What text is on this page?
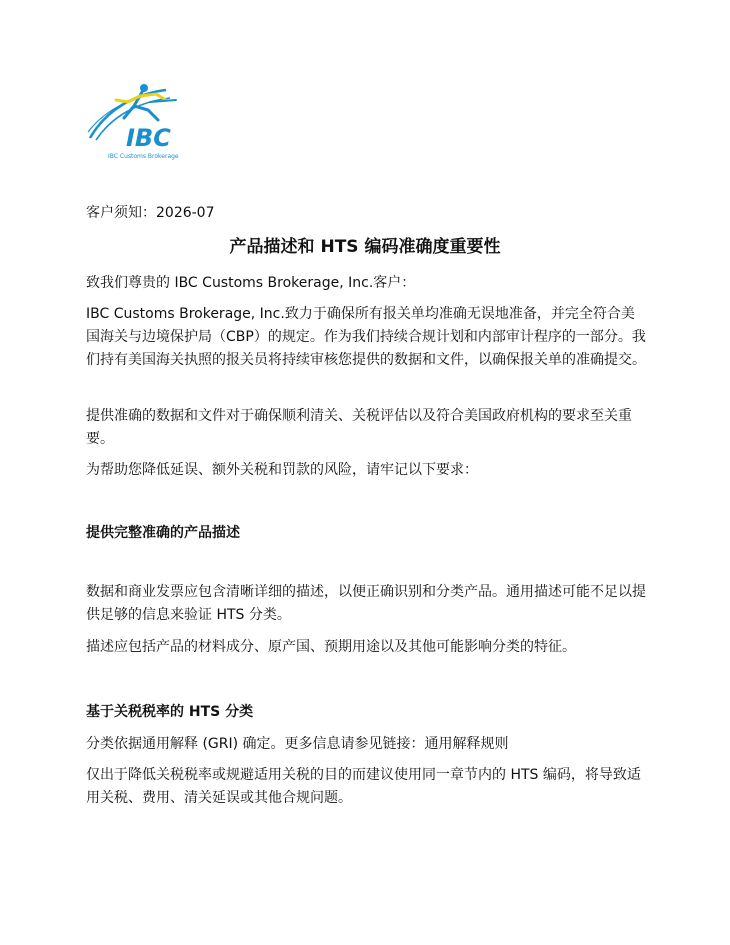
IBC
IBC Customs Brokerage
客户须知：2026-07
产品描述和 HTS 编码准确度重要性

致我们尊贵的 IBC Customs Brokerage, Inc.客户：

IBC Customs Brokerage, Inc.致力于确保所有报关单均准确无误地准备，并完全符合美国海关与边境保护局（CBP）的规定。作为我们持续合规计划和内部审计程序的一部分。我们持有美国海关执照的报关员将持续审核您提供的数据和文件，以确保报关单的准确提交。

提供准确的数据和文件对于确保顺利清关、关税评估以及符合美国政府机构的要求至关重要。

为帮助您降低延误、额外关税和罚款的风险，请牢记以下要求：

提供完整准确的产品描述

数据和商业发票应包含清晰详细的描述，以便正确识别和分类产品。通用描述可能不足以提供足够的信息来验证 HTS 分类。

描述应包括产品的材料成分、原产国、预期用途以及其他可能影响分类的特征。

基于关税税率的 HTS 分类

分类依据通用解释 (GRI) 确定。更多信息请参见链接：通用解释规则

仅出于降低关税税率或规避适用关税的目的而建议使用同一章节内的 HTS 编码，将导致适用关税、费用、清关延误或其他合规问题。
